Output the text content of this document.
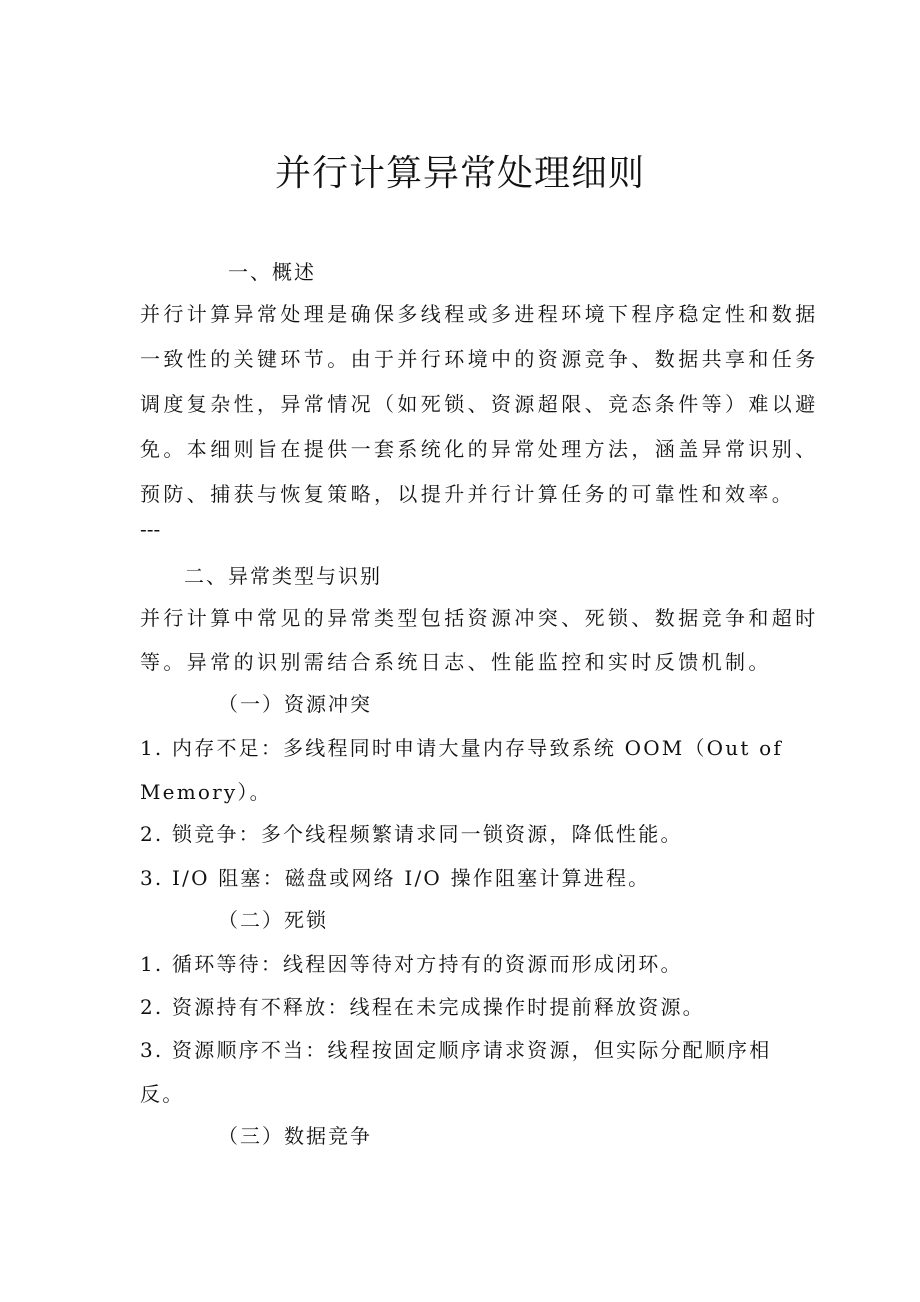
并行计算异常处理细则

一、概述

并行计算异常处理是确保多线程或多进程环境下程序稳定性和数据

一致性的关键环节。由于并行环境中的资源竞争、数据共享和任务

调度复杂性，异常情况（如死锁、资源超限、竞态条件等）难以避

免。本细则旨在提供一套系统化的异常处理方法，涵盖异常识别、

预防、捕获与恢复策略，以提升并行计算任务的可靠性和效率。

---

二、异常类型与识别

并行计算中常见的异常类型包括资源冲突、死锁、数据竞争和超时

等。异常的识别需结合系统日志、性能监控和实时反馈机制。

（一）资源冲突

1. 内存不足：多线程同时申请大量内存导致系统 OOM（Out of

Memory）。

2. 锁竞争：多个线程频繁请求同一锁资源，降低性能。

3. I/O 阻塞：磁盘或网络 I/O 操作阻塞计算进程。

（二）死锁

1. 循环等待：线程因等待对方持有的资源而形成闭环。

2. 资源持有不释放：线程在未完成操作时提前释放资源。

3. 资源顺序不当：线程按固定顺序请求资源，但实际分配顺序相

反。

（三）数据竞争
